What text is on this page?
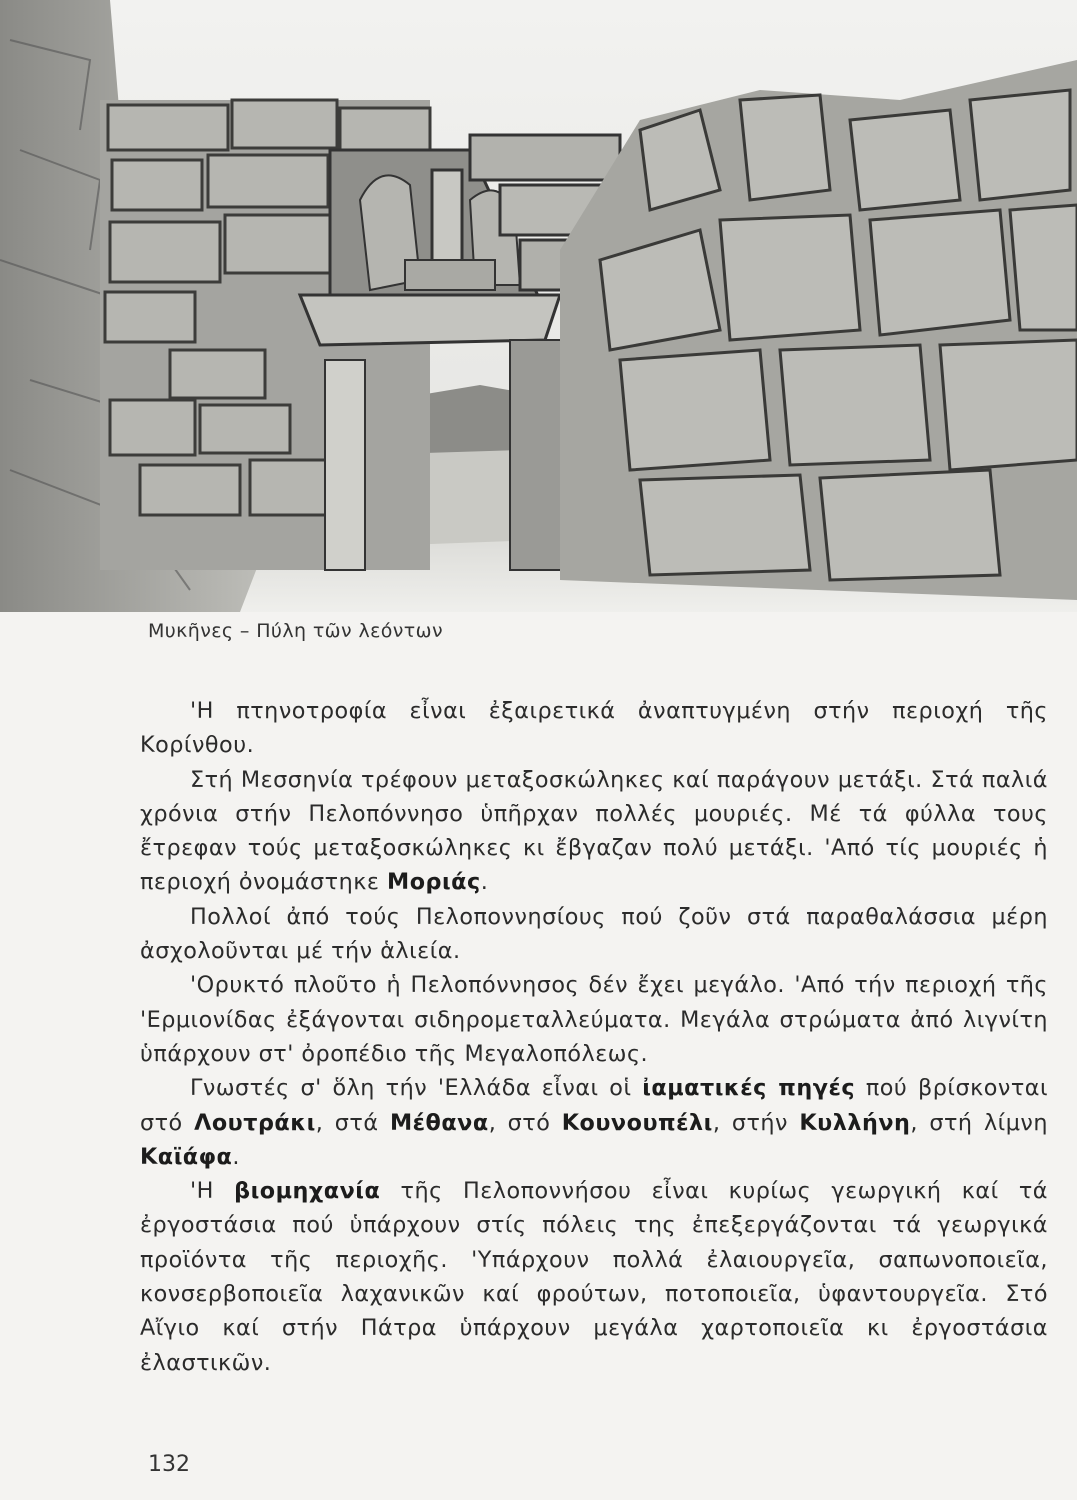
Μυκῆνες – Πύλη τῶν λεόντων

'Η πτηνοτροφία εἶναι ἐξαιρετικά ἀναπτυγμένη στήν περιοχή τῆς Κορίνθου.

Στή Μεσσηνία τρέφουν μεταξοσκώληκες καί παράγουν μετάξι. Στά παλιά χρόνια στήν Πελοπόννησο ὑπῆρχαν πολλές μουριές. Μέ τά φύλλα τους ἔτρεφαν τούς μεταξοσκώληκες κι ἔβγαζαν πολύ μετάξι. 'Από τίς μουριές ἡ περιοχή ὀνομάστηκε Μοριάς.

Πολλοί ἀπό τούς Πελοποννησίους πού ζοῦν στά παραθαλάσσια μέρη ἀσχολοῦνται μέ τήν ἁλιεία.

'Ορυκτό πλοῦτο ἡ Πελοπόννησος δέν ἔχει μεγάλο. 'Από τήν περιοχή τῆς 'Ερμιονίδας ἐξάγονται σιδηρομεταλλεύματα. Μεγάλα στρώματα ἀπό λιγνίτη ὑπάρχουν στ' ὀροπέδιο τῆς Μεγαλοπόλεως.

Γνωστές σ' ὅλη τήν 'Ελλάδα εἶναι οἱ ἰαματικές πηγές πού βρίσκονται στό Λουτράκι, στά Μέθανα, στό Κουνουπέλι, στήν Κυλλήνη, στή λίμνη Καϊάφα.

'Η βιομηχανία τῆς Πελοποννήσου εἶναι κυρίως γεωργική καί τά ἐργοστάσια πού ὑπάρχουν στίς πόλεις της ἐπεξεργάζονται τά γεωργικά προϊόντα τῆς περιοχῆς. 'Υπάρχουν πολλά ἐλαιουργεῖα, σαπωνοποιεῖα, κονσερβοποιεῖα λαχανικῶν καί φρούτων, ποτοποιεῖα, ὑφαντουργεῖα. Στό Αἴγιο καί στήν Πάτρα ὑπάρχουν μεγάλα χαρτοποιεῖα κι ἐργοστάσια ἐλαστικῶν.

132
